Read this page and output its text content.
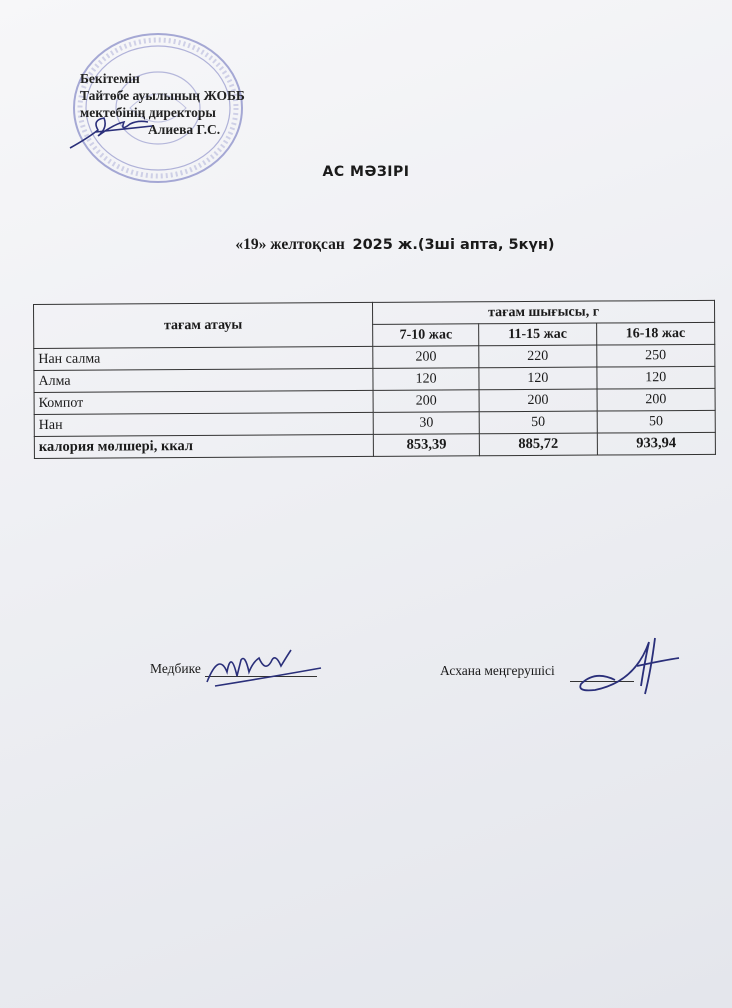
Бекітемін
Тайтөбе ауылының ЖОББ
мектебінің директоры
Алиева Г.С.
АС МӘЗІРІ
«19» желтоқсан 2025 ж.(3ші апта, 5күн)
тағам атауы	тағам шығысы, г		
	7-10 жас	11-15 жас	16-18 жас
Нан салма	200	220	250
Алма	120	120	120
Компот	200	200	200
Нан	30	50	50
калория мөлшері, ккал	853,39	885,72	933,94
Медбике	Асхана меңгерушісі
